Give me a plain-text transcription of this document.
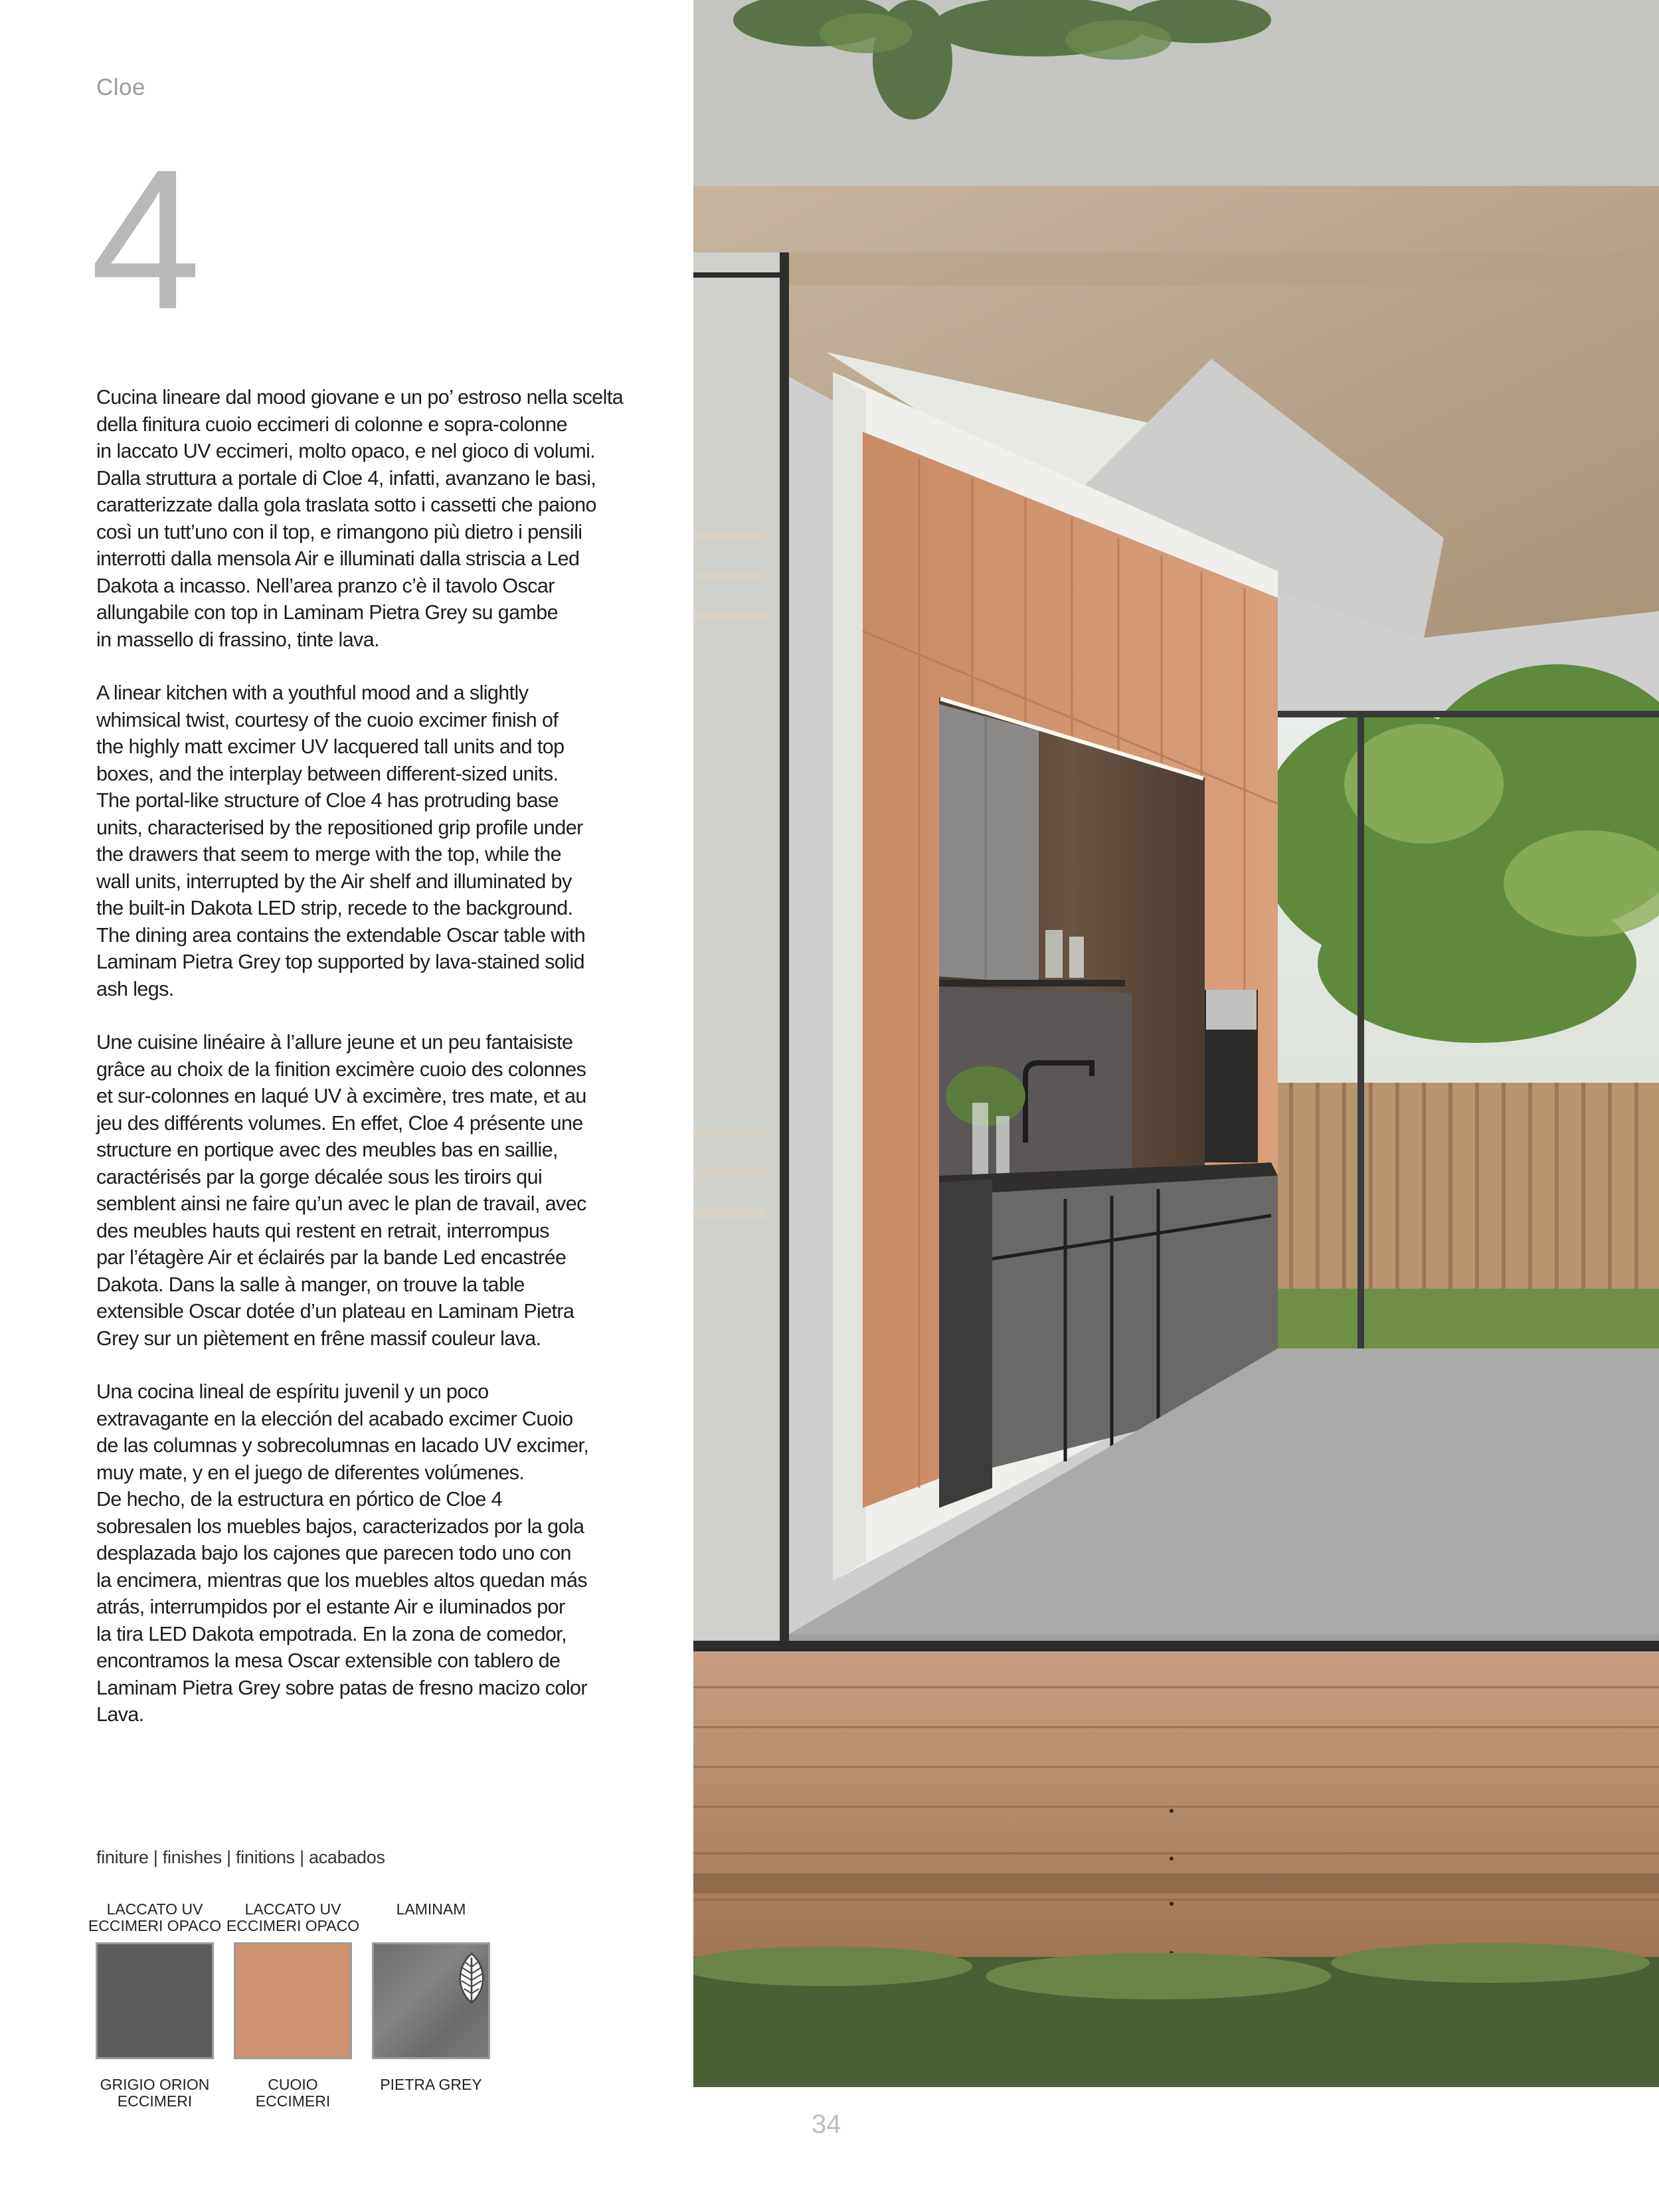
Cloe
4

Cucina lineare dal mood giovane e un po’ estroso nella scelta
della finitura cuoio eccimeri di colonne e sopra-colonne
in laccato UV eccimeri, molto opaco, e nel gioco di volumi.
Dalla struttura a portale di Cloe 4, infatti, avanzano le basi,
caratterizzate dalla gola traslata sotto i cassetti che paiono
così un tutt’uno con il top, e rimangono più dietro i pensili
interrotti dalla mensola Air e illuminati dalla striscia a Led
Dakota a incasso. Nell’area pranzo c’è il tavolo Oscar
allungabile con top in Laminam Pietra Grey su gambe
in massello di frassino, tinte lava.

A linear kitchen with a youthful mood and a slightly
whimsical twist, courtesy of the cuoio excimer finish of
the highly matt excimer UV lacquered tall units and top
boxes, and the interplay between different-sized units.
The portal-like structure of Cloe 4 has protruding base
units, characterised by the repositioned grip profile under
the drawers that seem to merge with the top, while the
wall units, interrupted by the Air shelf and illuminated by
the built-in Dakota LED strip, recede to the background.
The dining area contains the extendable Oscar table with
Laminam Pietra Grey top supported by lava-stained solid
ash legs.

Une cuisine linéaire à l’allure jeune et un peu fantaisiste
grâce au choix de la finition excimère cuoio des colonnes
et sur-colonnes en laqué UV à excimère, tres mate, et au
jeu des différents volumes. En effet, Cloe 4 présente une
structure en portique avec des meubles bas en saillie,
caractérisés par la gorge décalée sous les tiroirs qui
semblent ainsi ne faire qu’un avec le plan de travail, avec
des meubles hauts qui restent en retrait, interrompus
par l’étagère Air et éclairés par la bande Led encastrée
Dakota. Dans la salle à manger, on trouve la table
extensible Oscar dotée d’un plateau en Laminam Pietra
Grey sur un piètement en frêne massif couleur lava.

Una cocina lineal de espíritu juvenil y un poco
extravagante en la elección del acabado excimer Cuoio
de las columnas y sobrecolumnas en lacado UV excimer,
muy mate, y en el juego de diferentes volúmenes.
De hecho, de la estructura en pórtico de Cloe 4
sobresalen los muebles bajos, caracterizados por la gola
desplazada bajo los cajones que parecen todo uno con
la encimera, mientras que los muebles altos quedan más
atrás, interrumpidos por el estante Air e iluminados por
la tira LED Dakota empotrada. En la zona de comedor,
encontramos la mesa Oscar extensible con tablero de
Laminam Pietra Grey sobre patas de fresno macizo color
Lava.

finiture | finishes | finitions | acabados
LACCATO UV
ECCIMERI OPACO
GRIGIO ORION
ECCIMERI
LACCATO UV
ECCIMERI OPACO
CUOIO
ECCIMERI
LAMINAM
PIETRA GREY
34
